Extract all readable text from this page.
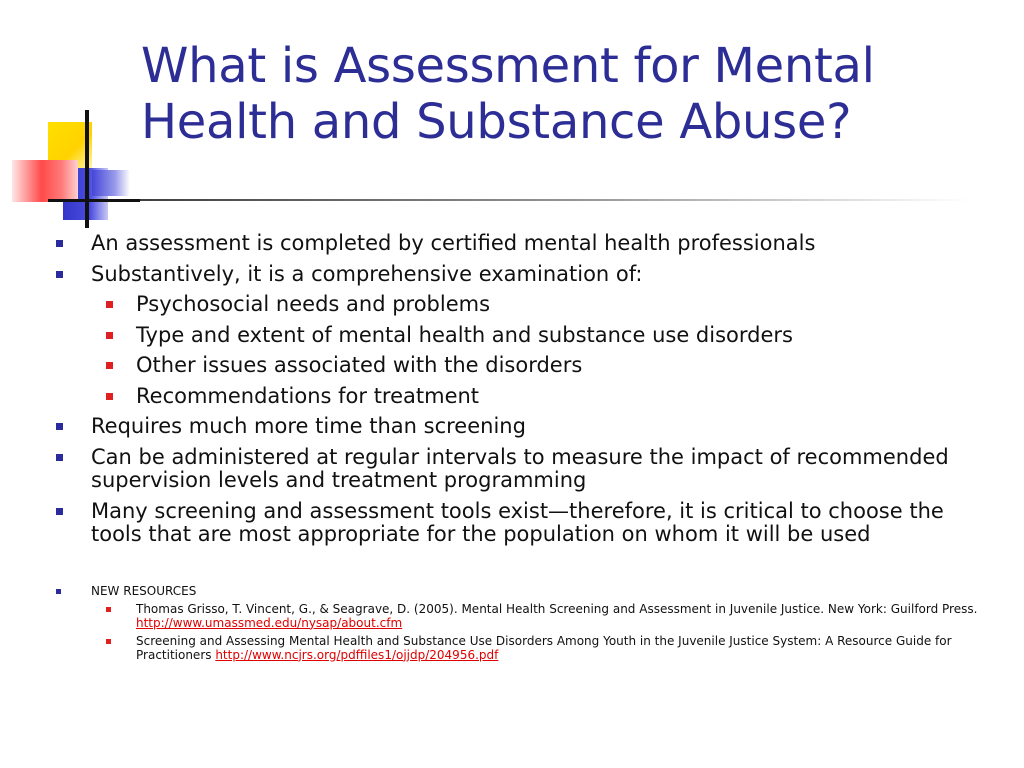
What is Assessment for Mental Health and Substance Abuse?
An assessment is completed by certified mental health professionals
Substantively, it is a comprehensive examination of:
Psychosocial needs and problems
Type and extent of mental health and substance use disorders
Other issues associated with the disorders
Recommendations for treatment
Requires much more time than screening
Can be administered at regular intervals to measure the impact of recommended supervision levels and treatment programming
Many screening and assessment tools exist—therefore, it is critical to choose the tools that are most appropriate for the population on whom it will be used
NEW RESOURCES
Thomas Grisso, T. Vincent, G., & Seagrave, D. (2005). Mental Health Screening and Assessment in Juvenile Justice. New York: Guilford Press. http://www.umassmed.edu/nysap/about.cfm
Screening and Assessing Mental Health and Substance Use Disorders Among Youth in the Juvenile Justice System: A Resource Guide for Practitioners http://www.ncjrs.org/pdffiles1/ojjdp/204956.pdf
